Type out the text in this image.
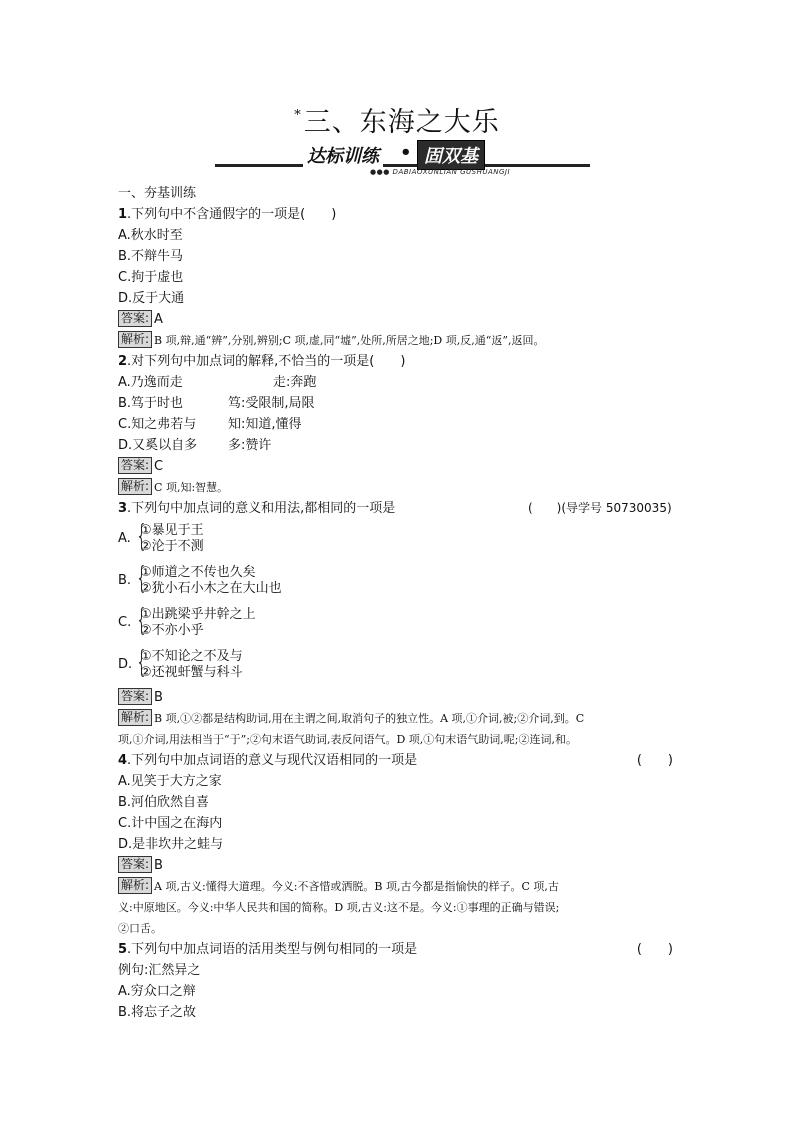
*三、东海之大乐
达标训练 • 固双基
●●● DABIAOXUNLIAN GUSHUANGJI
一、夯基训练
1.下列句中不含通假字的一项是(　　)
A.秋水时至
B.不辩牛马
C.拘于虚也
D.反于大通
答案: A
解析: B 项,辩,通“辨”,分别,辨别;C 项,虚,同“墟”,处所,所居之地;D 项,反,通“返”,返回。
2.对下列句中加点词的解释,不恰当的一项是(　　)
A.乃逸而走	走:奔跑
B.笃于时也	笃:受限制,局限
C.知之弗若与 知:知道,懂得
D.又奚以自多 多:赞许
答案: C
解析: C 项,知:智慧。
3.下列句中加点词的意义和用法,都相同的一项是	(　　)(导学号 50730035)
A. {
①暴见于王
②沦于不测
B. {
①师道之不传也久矣
②犹小石小木之在大山也
C. {
①出跳梁乎井幹之上
②不亦小乎
D. {
①不知论之不及与
②还视虷蟹与科斗
答案: B
解析: B 项,①②都是结构助词,用在主谓之间,取消句子的独立性。A 项,①介词,被;②介词,到。C
项,①介词,用法相当于“于”;②句末语气助词,表反问语气。D 项,①句末语气助词,呢;②连词,和。
4.下列句中加点词语的意义与现代汉语相同的一项是	(　　)
A.见笑于大方之家
B.河伯欣然自喜
C.计中国之在海内
D.是非坎井之蛙与
答案: B
解析: A 项,古义:懂得大道理。今义:不吝惜或洒脱。B 项,古今都是指愉快的样子。C 项,古
义:中原地区。今义:中华人民共和国的简称。D 项,古义:这不是。今义:①事理的正确与错误;
②口舌。
5.下列句中加点词语的活用类型与例句相同的一项是	(　　)
例句:汇然异之
A.穷众口之辩
B.将忘子之故
